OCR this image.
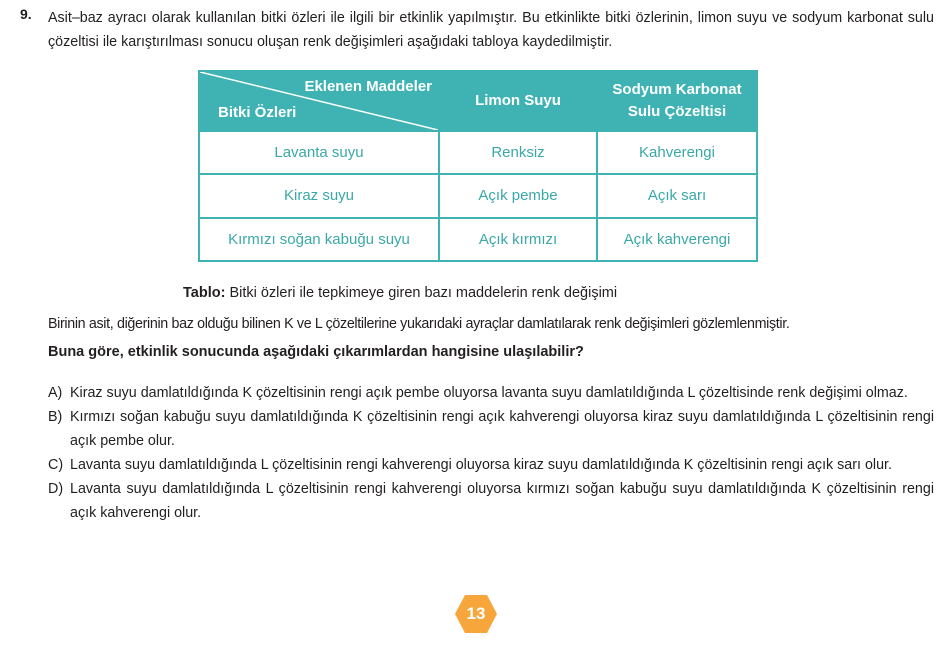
9. Asit–baz ayracı olarak kullanılan bitki özleri ile ilgili bir etkinlik yapılmıştır. Bu etkinlikte bitki özlerinin, limon suyu ve sodyum karbonat sulu çözeltisi ile karıştırılması sonucu oluşan renk değişimleri aşağıdaki tabloya kaydedilmiştir.

Eklenen Maddeler
Bitki Özleri	Limon Suyu	Sodyum Karbonat
Sulu Çözeltisi
Lavanta suyu	Renksiz	Kahverengi
Kiraz suyu	Açık pembe	Açık sarı
Kırmızı soğan kabuğu suyu	Açık kırmızı	Açık kahverengi

Tablo: Bitki özleri ile tepkimeye giren bazı maddelerin renk değişimi

Birinin asit, diğerinin baz olduğu bilinen K ve L çözeltilerine yukarıdaki ayraçlar damlatılarak renk değişimleri gözlemlenmiştir.

Buna göre, etkinlik sonucunda aşağıdaki çıkarımlardan hangisine ulaşılabilir?

A) Kiraz suyu damlatıldığında K çözeltisinin rengi açık pembe oluyorsa lavanta suyu damlatıldığında L çözeltisinde renk değişimi olmaz.
B) Kırmızı soğan kabuğu suyu damlatıldığında K çözeltisinin rengi açık kahverengi oluyorsa kiraz suyu damlatıldığında L çözeltisinin rengi açık pembe olur.
C) Lavanta suyu damlatıldığında L çözeltisinin rengi kahverengi oluyorsa kiraz suyu damlatıldığında K çözeltisinin rengi açık sarı olur.
D) Lavanta suyu damlatıldığında L çözeltisinin rengi kahverengi oluyorsa kırmızı soğan kabuğu suyu damlatıldığında K çözeltisinin rengi açık kahverengi olur.
13
